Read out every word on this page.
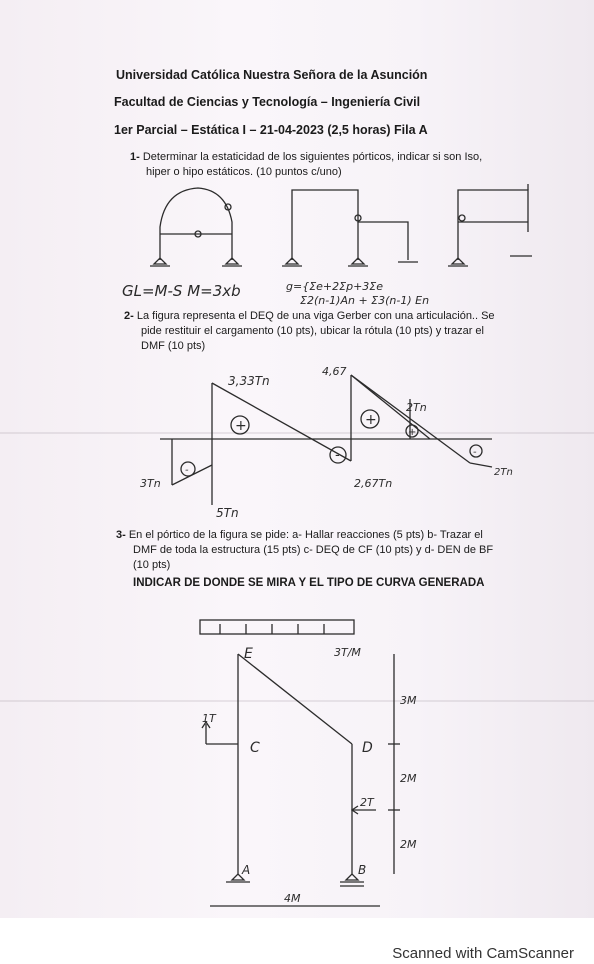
Universidad Católica Nuestra Señora de la Asunción
Facultad de Ciencias y Tecnología – Ingeniería Civil
1er Parcial – Estática I – 21-04-2023 (2,5 horas) Fila A
1- Determinar la estaticidad de los siguientes pórticos, indicar si son Iso,
hiper o hipo estáticos. (10 puntos c/uno)
GL=M-S M=3xb	g={Σe+2Σp+3Σe
Σ2(n-1)An + Σ3(n-1) En
2- La figura representa el DEQ de una viga Gerber con una articulación.. Se
pide restituir el cargamento (10 pts), ubicar la rótula (10 pts) y trazar el
DMF (10 pts)
+
-
+
+
-
-
3,33Tn
4,67
2Tn
3Tn
5Tn
2,67Tn
2Tn
3- En el pórtico de la figura se pide: a- Hallar reacciones (5 pts) b- Trazar el
DMF de toda la estructura (15 pts) c- DEQ de CF (10 pts) y d- DEN de BF
(10 pts)
INDICAR DE DONDE SE MIRA Y EL TIPO DE CURVA GENERADA
E
C	D
A	B
3T/M
1T
2T
3M
2M
2M
4M
Scanned with CamScanner
